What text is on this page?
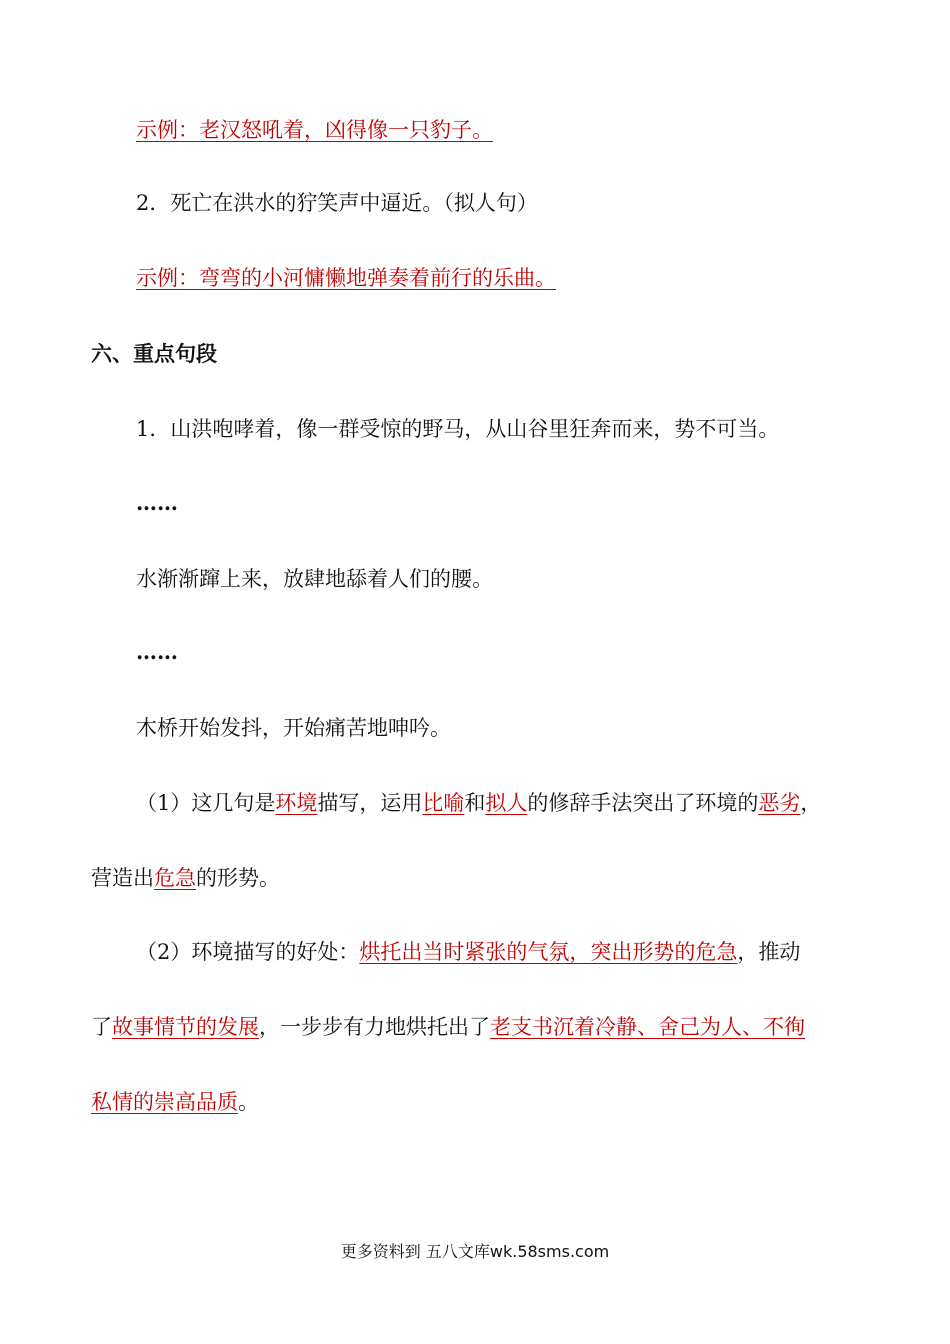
示例：老汉怒吼着，凶得像一只豹子。
2．死亡在洪水的狞笑声中逼近。（拟人句）
示例：弯弯的小河慵懒地弹奏着前行的乐曲。
六、重点句段
1．山洪咆哮着，像一群受惊的野马，从山谷里狂奔而来，势不可当。
……
水渐渐蹿上来，放肆地舔着人们的腰。
……
木桥开始发抖，开始痛苦地呻吟。
（1）这几句是环境描写，运用比喻和拟人的修辞手法突出了环境的恶劣，
营造出危急的形势。
（2）环境描写的好处：烘托出当时紧张的气氛，突出形势的危急，推动
了故事情节的发展，一步步有力地烘托出了老支书沉着冷静、舍己为人、不徇
私情的崇高品质。
更多资料到 五八文库wk.58sms.com
